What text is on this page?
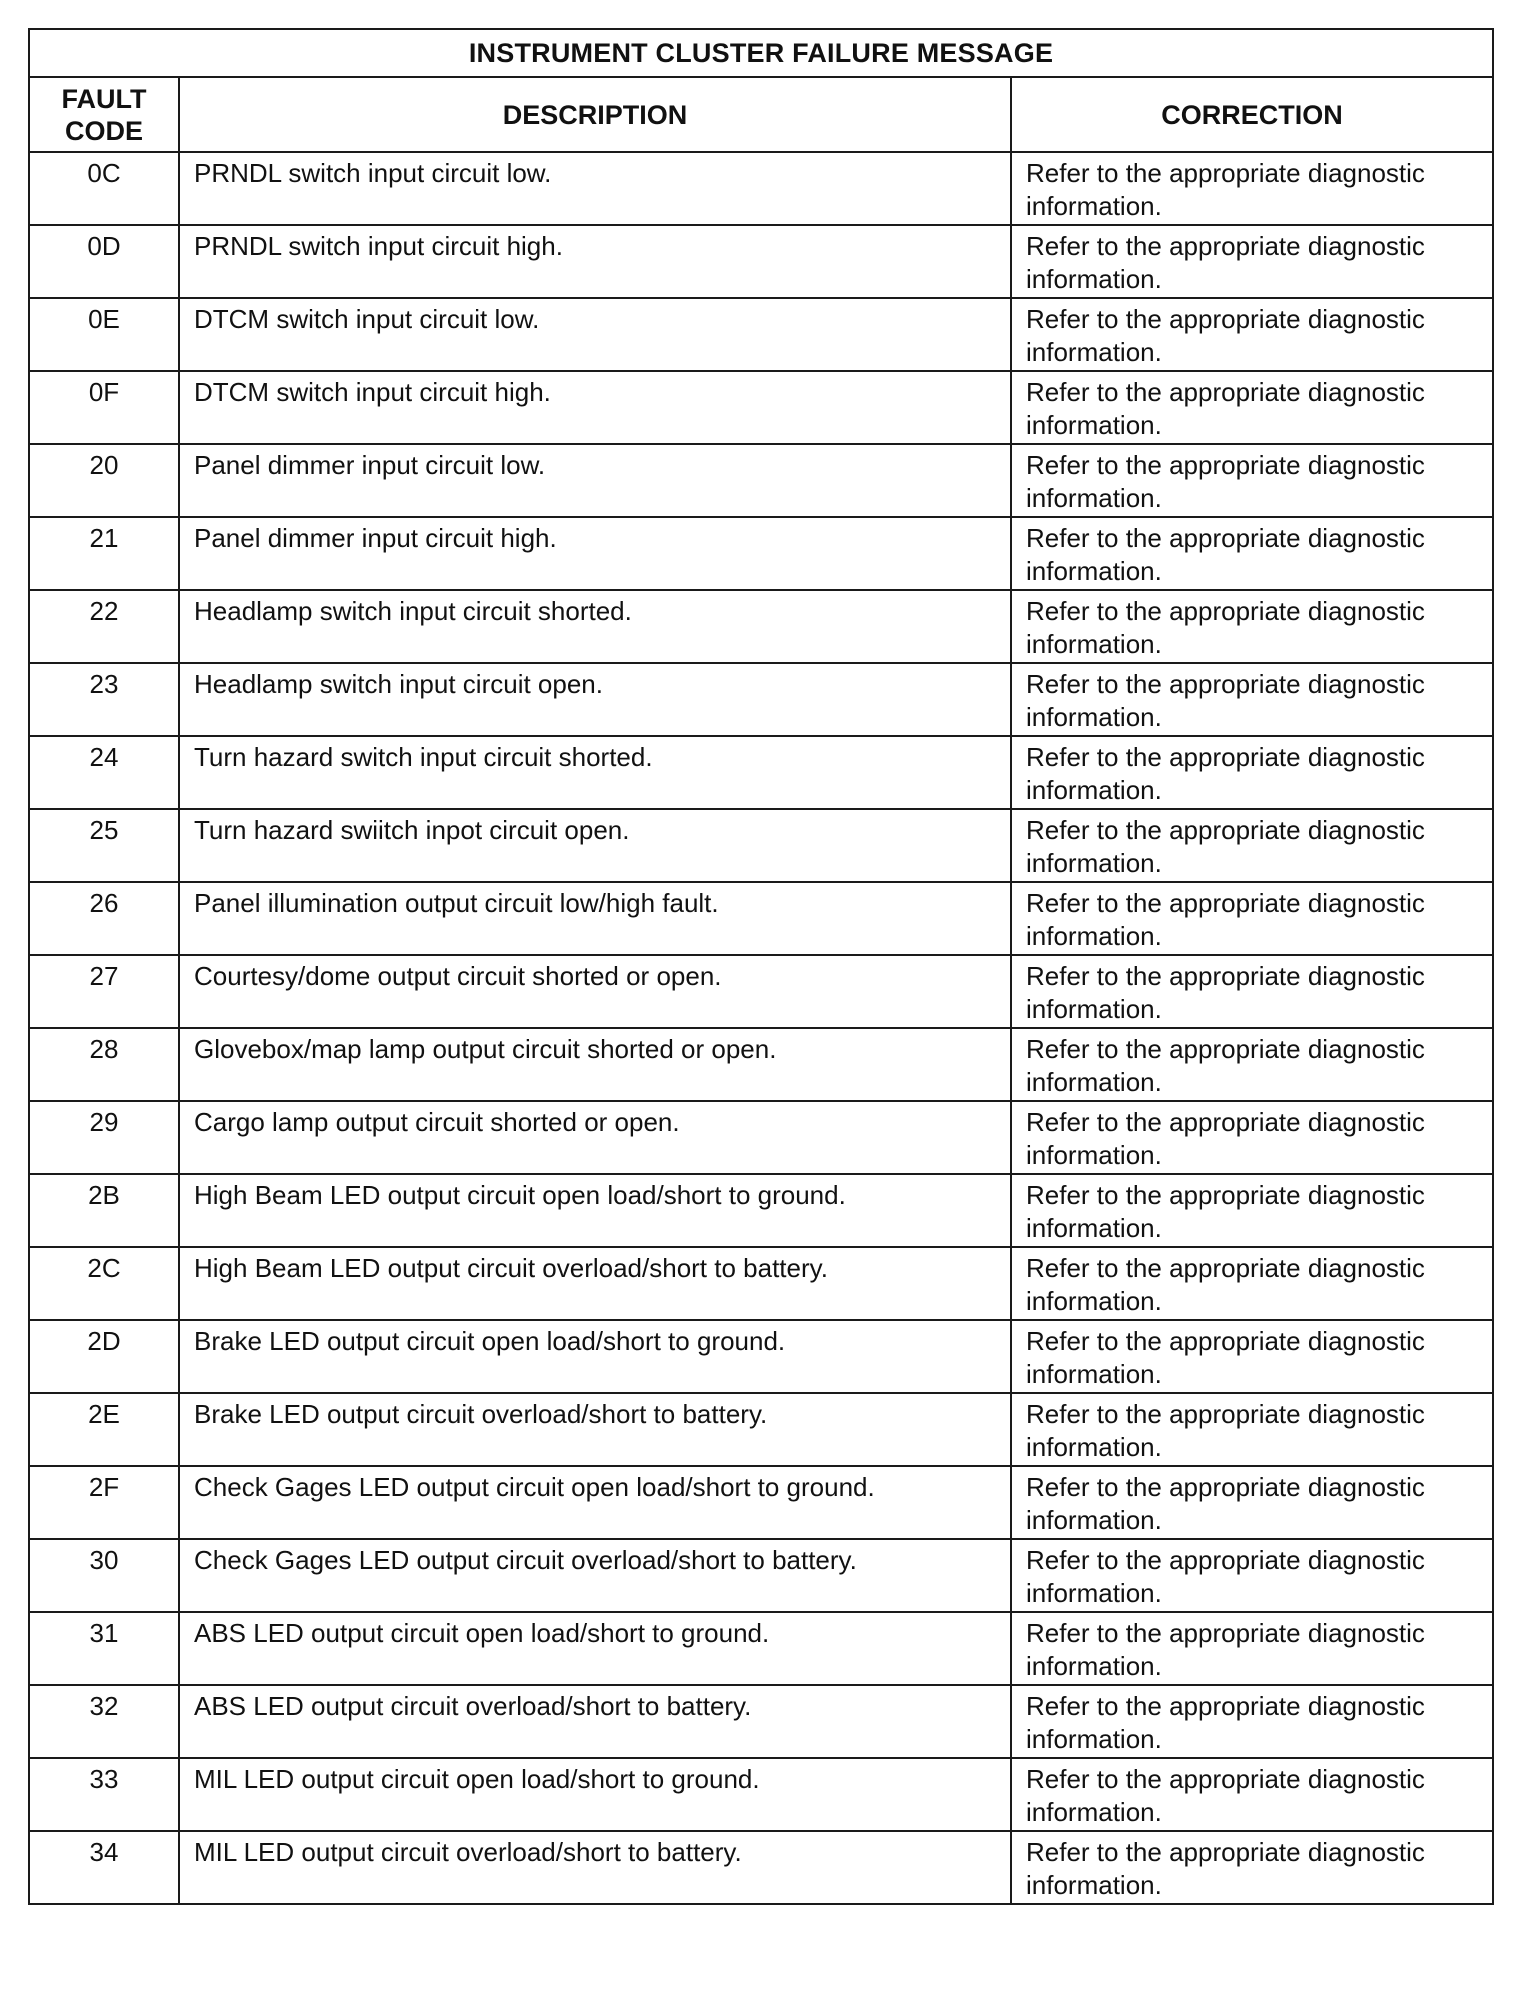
INSTRUMENT CLUSTER FAILURE MESSAGE		

FAULT
CODE	DESCRIPTION	CORRECTION
0C	PRNDL switch input circuit low.	Refer to the appropriate diagnostic information.
0D	PRNDL switch input circuit high.	Refer to the appropriate diagnostic information.
0E	DTCM switch input circuit low.	Refer to the appropriate diagnostic information.
0F	DTCM switch input circuit high.	Refer to the appropriate diagnostic information.
20	Panel dimmer input circuit low.	Refer to the appropriate diagnostic information.
21	Panel dimmer input circuit high.	Refer to the appropriate diagnostic information.
22	Headlamp switch input circuit shorted.	Refer to the appropriate diagnostic information.
23	Headlamp switch input circuit open.	Refer to the appropriate diagnostic information.
24	Turn hazard switch input circuit shorted.	Refer to the appropriate diagnostic information.
25	Turn hazard swiitch inpot circuit open.	Refer to the appropriate diagnostic information.
26	Panel illumination output circuit low/high fault.	Refer to the appropriate diagnostic information.
27	Courtesy/dome output circuit shorted or open.	Refer to the appropriate diagnostic information.
28	Glovebox/map lamp output circuit shorted or open.	Refer to the appropriate diagnostic information.
29	Cargo lamp output circuit shorted or open.	Refer to the appropriate diagnostic information.
2B	High Beam LED output circuit open load/short to ground.	Refer to the appropriate diagnostic information.
2C	High Beam LED output circuit overload/short to battery.	Refer to the appropriate diagnostic information.
2D	Brake LED output circuit open load/short to ground.	Refer to the appropriate diagnostic information.
2E	Brake LED output circuit overload/short to battery.	Refer to the appropriate diagnostic information.
2F	Check Gages LED output circuit open load/short to ground.	Refer to the appropriate diagnostic information.
30	Check Gages LED output circuit overload/short to battery.	Refer to the appropriate diagnostic information.
31	ABS LED output circuit open load/short to ground.	Refer to the appropriate diagnostic information.
32	ABS LED output circuit overload/short to battery.	Refer to the appropriate diagnostic information.
33	MIL LED output circuit open load/short to ground.	Refer to the appropriate diagnostic information.
34	MIL LED output circuit overload/short to battery.	Refer to the appropriate diagnostic information.
